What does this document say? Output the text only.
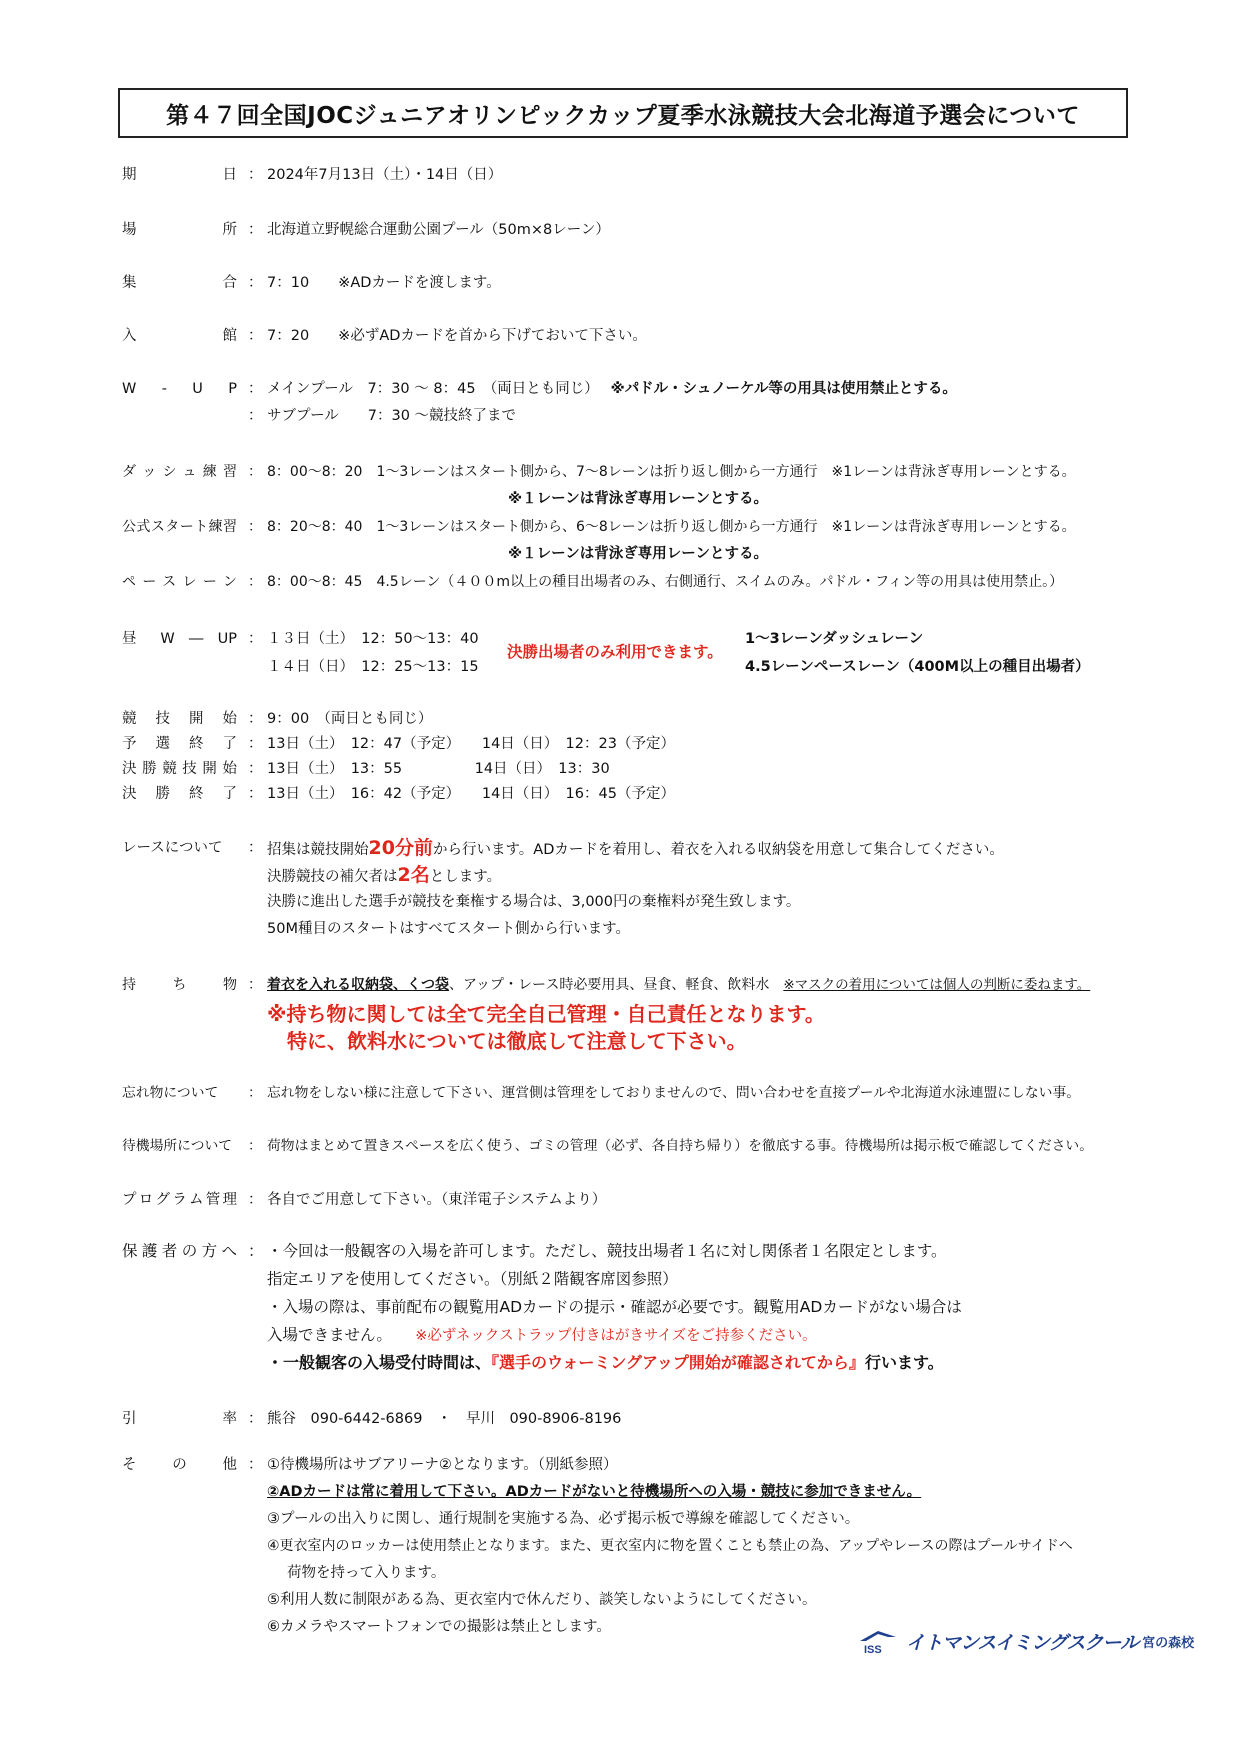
第４７回全国JOCジュニアオリンピックカップ夏季水泳競技大会北海道予選会について
期日 ： 2024年7月13日（土）・14日（日）
場所 ： 北海道立野幌総合運動公園プール（50m×8レーン）
集合 ： 7：10　　※ADカードを渡します。
入館 ： 7：20　　※必ずADカードを首から下げておいて下さい。
W - U P ： メインプール　7：30 ～ 8：45　（両日とも同じ）　 ※パドル・シュノーケル等の用具は使用禁止とする。
： サブプール　　7：30 ～競技終了まで
ダッシュ練習 ： 8：00～8：20　1～3レーンはスタート側から、7～8レーンは折り返し側から一方通行　※1レーンは背泳ぎ専用レーンとする。
※１レーンは背泳ぎ専用レーンとする。
公式スタート練習 ： 8：20～8：40　1～3レーンはスタート側から、6～8レーンは折り返し側から一方通行　※1レーンは背泳ぎ専用レーンとする。
※１レーンは背泳ぎ専用レーンとする。
ペースレーン ： 8：00～8：45　4.5レーン（４００m以上の種目出場者のみ、右側通行、スイムのみ。パドル・フィン等の用具は使用禁止。）
昼 W ― UP ： １３日（土）　12：50～13：40
１４日（日）　12：25～13：15
決勝出場者のみ利用できます。
1～3レーンダッシュレーン
4.5レーンペースレーン（400M以上の種目出場者）
競技開始 ： 9：00　（両日とも同じ）
予選終了 ： 13日（土）　12：47（予定）　　14日（日）　12：23（予定）
決勝競技開始 ： 13日（土）　13：55　　　　　14日（日）　13：30
決勝終了 ： 13日（土）　16：42（予定）　　14日（日）　16：45（予定）
レースについて	： 招集は競技開始20分前から行います。ADカードを着用し、着衣を入れる収納袋を用意して集合してください。
決勝競技の補欠者は2名とします。
決勝に進出した選手が競技を棄権する場合は、3,000円の棄権料が発生致します。
50M種目のスタートはすべてスタート側から行います。
持ち物 ： 着衣を入れる収納袋、くつ袋、アップ・レース時必要用具、昼食、軽食、飲料水　 ※マスクの着用については個人の判断に委ねます。
※持ち物に関しては全て完全自己管理・自己責任となります。
特に、飲料水については徹底して注意して下さい。
忘れ物について	： 忘れ物をしない様に注意して下さい、運営側は管理をしておりませんので、問い合わせを直接プールや北海道水泳連盟にしない事。
待機場所について	： 荷物はまとめて置きスペースを広く使う、ゴミの管理（必ず、各自持ち帰り）を徹底する事。待機場所は掲示板で確認してください。
プログラム管理 ： 各自でご用意して下さい。（東洋電子システムより）
保護者の方へ ： ・今回は一般観客の入場を許可します。ただし、競技出場者１名に対し関係者１名限定とします。
指定エリアを使用してください。（別紙２階観客席図参照）
・入場の際は、事前配布の観覧用ADカードの提示・確認が必要です。観覧用ADカードがない場合は
入場できません。　　 ※必ずネックストラップ付きはがきサイズをご持参ください。
・一般観客の入場受付時間は、『選手のウォーミングアップ開始が確認されてから』行います。
引率 ： 熊谷　090-6442-6869　・　早川　090-8906-8196
その他 ： ①待機場所はサブアリーナ②となります。（別紙参照）
②ADカードは常に着用して下さい。ADカードがないと待機場所への入場・競技に参加できません。
③プールの出入りに関し、通行規制を実施する為、必ず掲示板で導線を確認してください。
④更衣室内のロッカーは使用禁止となります。また、更衣室内に物を置くことも禁止の為、アップやレースの際はプールサイドへ
荷物を持って入ります。
⑤利用人数に制限がある為、更衣室内で休んだり、談笑しないようにしてください。
⑥カメラやスマートフォンでの撮影は禁止とします。
ISS イトマンスイミングスクール 宮の森校
